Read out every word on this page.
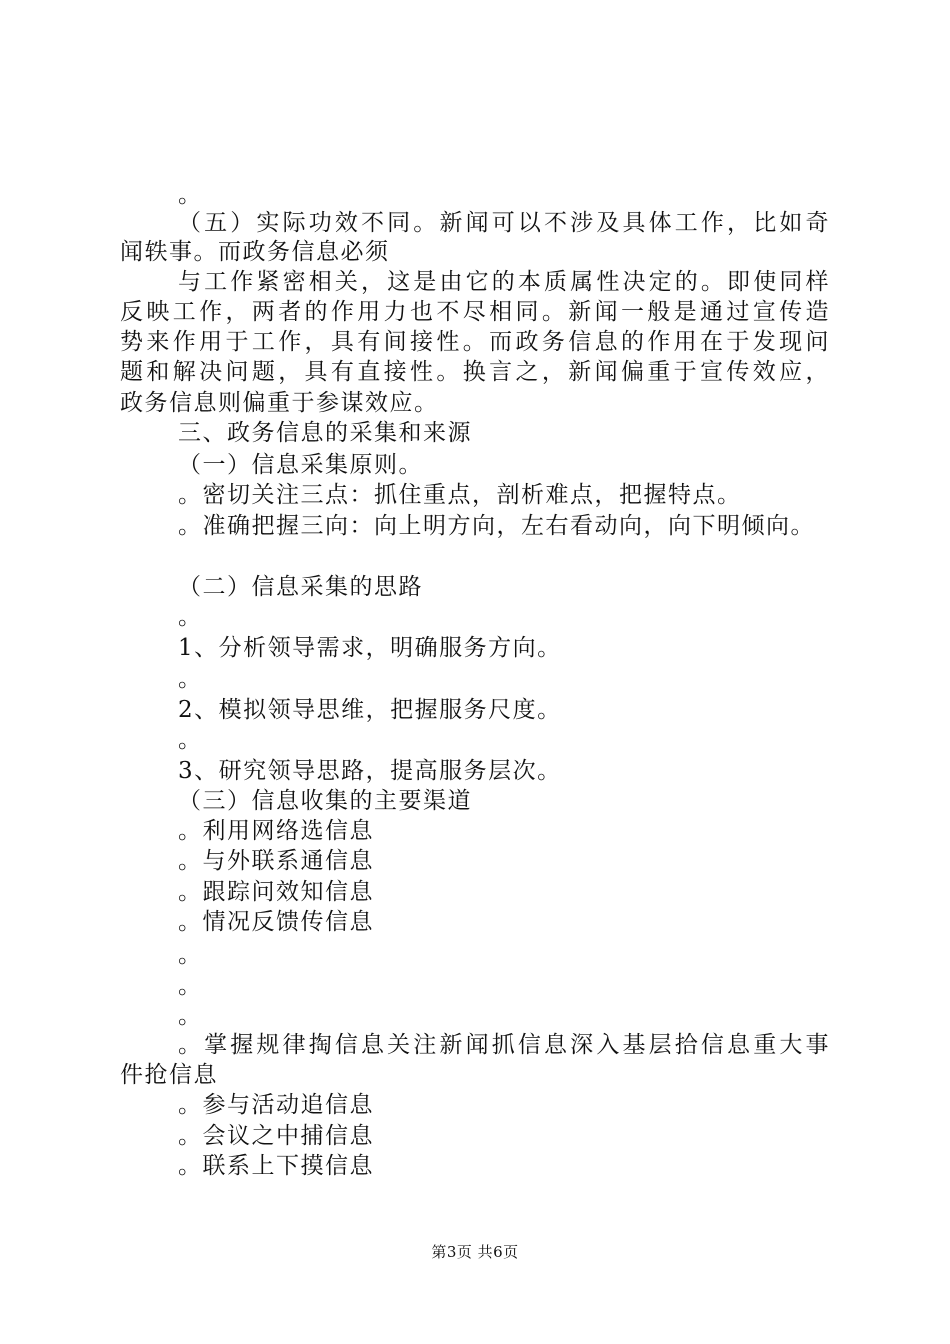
。
（五）实际功效不同。新闻可以不涉及具体工作，比如奇
闻轶事。而政务信息必须
与工作紧密相关，这是由它的本质属性决定的。即使同样
反映工作，两者的作用力也不尽相同。新闻一般是通过宣传造
势来作用于工作，具有间接性。而政务信息的作用在于发现问
题和解决问题，具有直接性。换言之，新闻偏重于宣传效应，
政务信息则偏重于参谋效应。
三、政务信息的采集和来源
（一）信息采集原则。
。密切关注三点：抓住重点，剖析难点，把握特点。
。准确把握三向：向上明方向，左右看动向，向下明倾向。
（二）信息采集的思路
。
1、分析领导需求，明确服务方向。
。
2、模拟领导思维，把握服务尺度。
。
3、研究领导思路，提高服务层次。
（三）信息收集的主要渠道
。利用网络选信息
。与外联系通信息
。跟踪问效知信息
。情况反馈传信息
。
。
。
。掌握规律掏信息关注新闻抓信息深入基层拾信息重大事
件抢信息
。参与活动追信息
。会议之中捕信息
。联系上下摸信息
第3页 共6页
